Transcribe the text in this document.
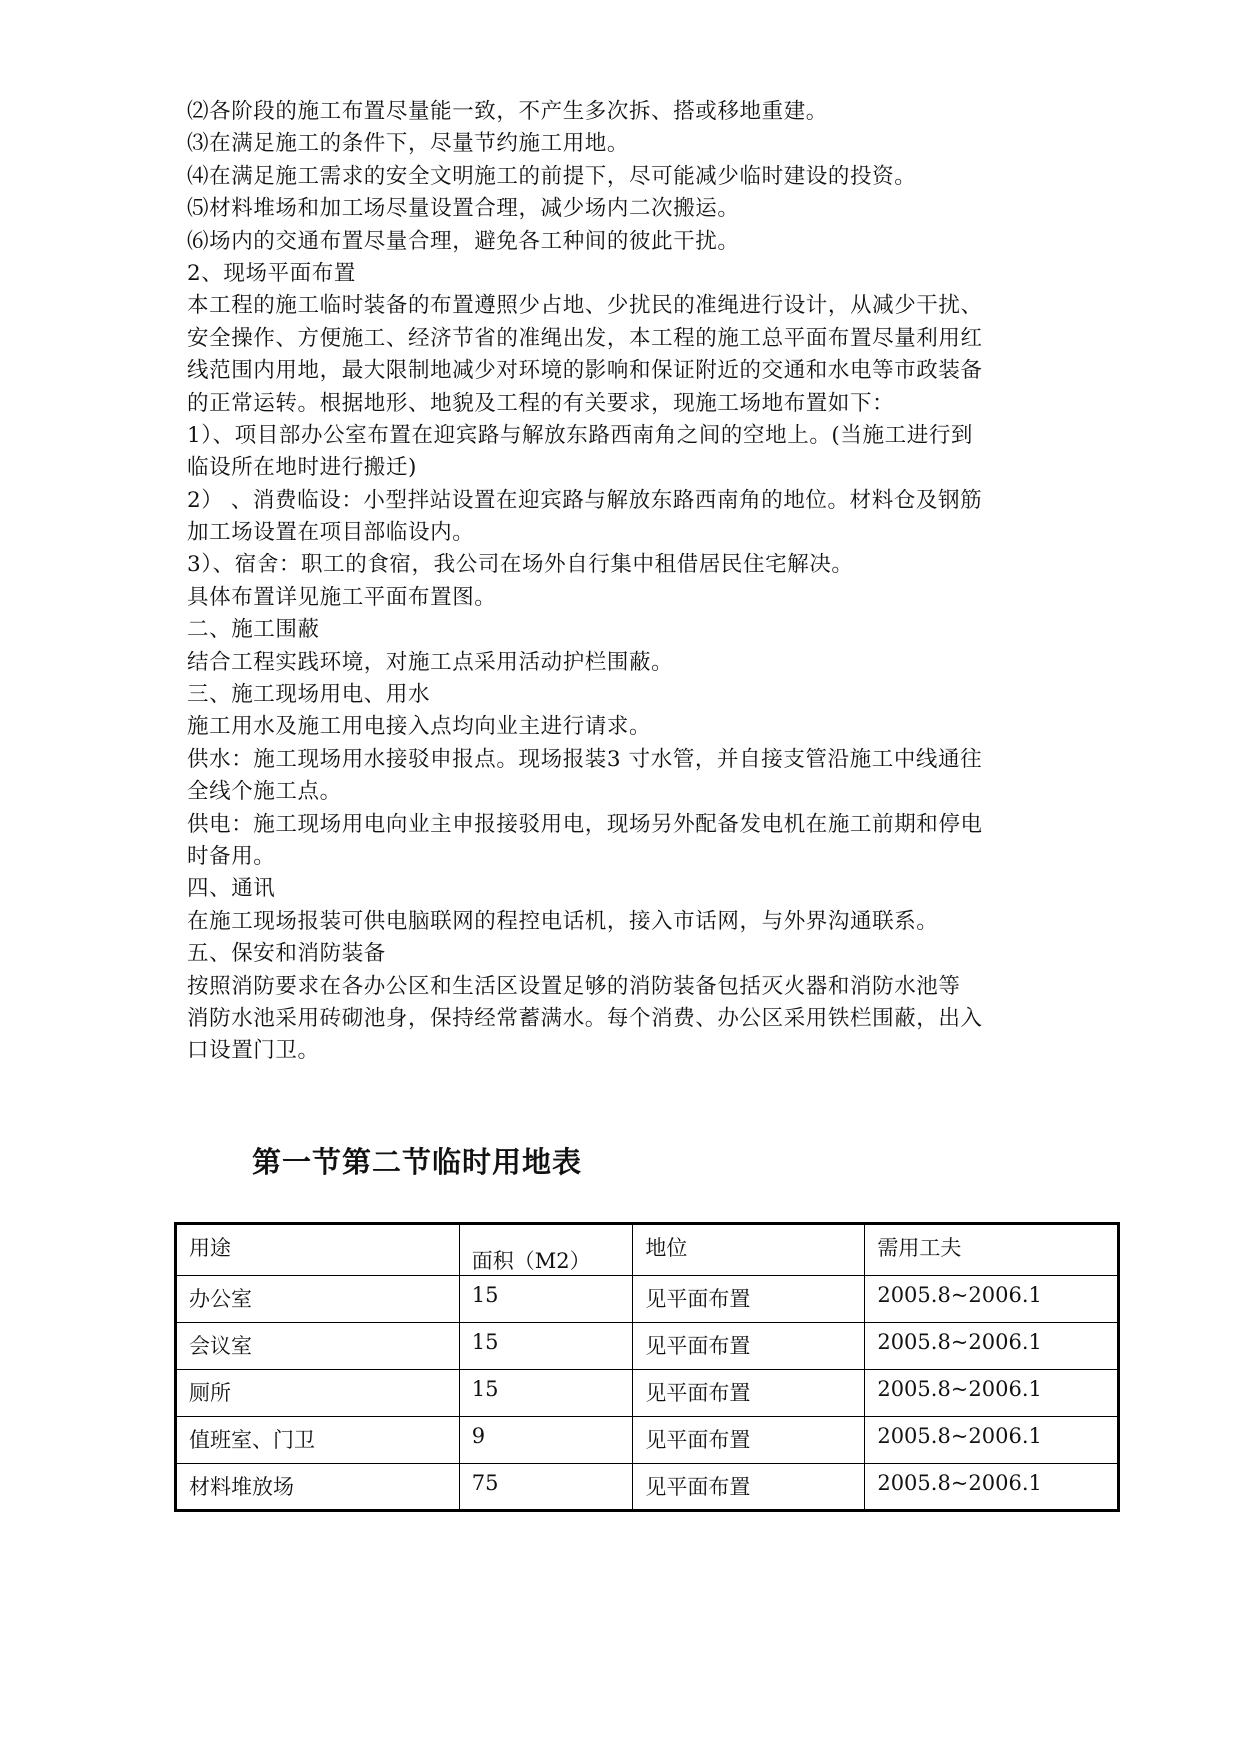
⑵各阶段的施工布置尽量能一致，不产生多次拆、搭或移地重建。
⑶在满足施工的条件下，尽量节约施工用地。
⑷在满足施工需求的安全文明施工的前提下，尽可能减少临时建设的投资。
⑸材料堆场和加工场尽量设置合理，减少场内二次搬运。
⑹场内的交通布置尽量合理，避免各工种间的彼此干扰。
2、现场平面布置
本工程的施工临时装备的布置遵照少占地、少扰民的准绳进行设计，从减少干扰、
安全操作、方便施工、经济节省的准绳出发，本工程的施工总平面布置尽量利用红
线范围内用地，最大限制地减少对环境的影响和保证附近的交通和水电等市政装备
的正常运转。根据地形、地貌及工程的有关要求，现施工场地布置如下：
1）、项目部办公室布置在迎宾路与解放东路西南角之间的空地上。(当施工进行到
临设所在地时进行搬迁)
2） 、消费临设：小型拌站设置在迎宾路与解放东路西南角的地位。材料仓及钢筋
加工场设置在项目部临设内。
3）、宿舍：职工的食宿，我公司在场外自行集中租借居民住宅解决。
具体布置详见施工平面布置图。
二、施工围蔽
结合工程实践环境，对施工点采用活动护栏围蔽。
三、施工现场用电、用水
施工用水及施工用电接入点均向业主进行请求。
供水：施工现场用水接驳申报点。现场报装3 寸水管，并自接支管沿施工中线通往
全线个施工点。
供电：施工现场用电向业主申报接驳用电，现场另外配备发电机在施工前期和停电
时备用。
四、通讯
在施工现场报装可供电脑联网的程控电话机，接入市话网，与外界沟通联系。
五、保安和消防装备
按照消防要求在各办公区和生活区设置足够的消防装备包括灭火器和消防水池等
消防水池采用砖砌池身，保持经常蓄满水。每个消费、办公区采用铁栏围蔽，出入
口设置门卫。
第一节第二节临时用地表
用途	面积（M2）	地位	需用工夫
办公室	15	见平面布置	2005.8~2006.1
会议室	15	见平面布置	2005.8~2006.1
厕所	15	见平面布置	2005.8~2006.1
值班室、门卫	9	见平面布置	2005.8~2006.1
材料堆放场	75	见平面布置	2005.8~2006.1
